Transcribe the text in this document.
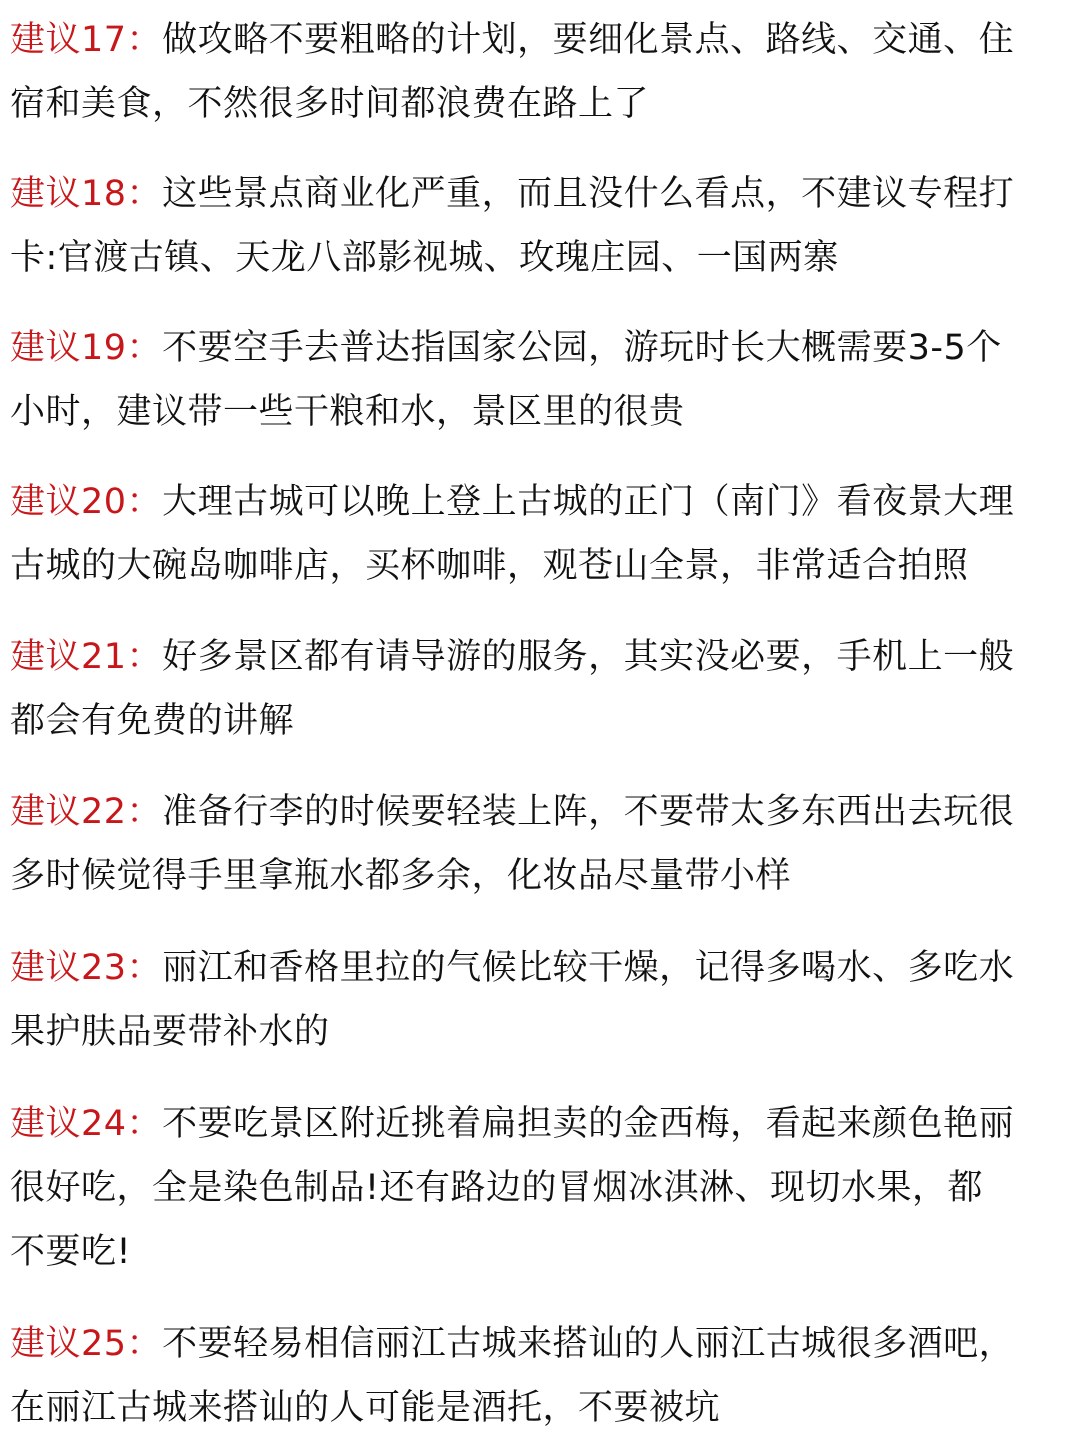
建议17：做攻略不要粗略的计划，要细化景点、路线、交通、住
宿和美食，不然很多时间都浪费在路上了
建议18：这些景点商业化严重，而且没什么看点，不建议专程打
卡:官渡古镇、天龙八部影视城、玫瑰庄园、一国两寨
建议19：不要空手去普达指国家公园，游玩时长大概需要3-5个
小时，建议带一些干粮和水，景区里的很贵
建议20：大理古城可以晚上登上古城的正门（南门》看夜景大理
古城的大碗岛咖啡店，买杯咖啡，观苍山全景，非常适合拍照
建议21：好多景区都有请导游的服务，其实没必要，手机上一般
都会有免费的讲解
建议22：准备行李的时候要轻装上阵，不要带太多东西出去玩很
多时候觉得手里拿瓶水都多余，化妆品尽量带小样
建议23：丽江和香格里拉的气候比较干燥，记得多喝水、多吃水
果护肤品要带补水的
建议24：不要吃景区附近挑着扁担卖的金西梅，看起来颜色艳丽
很好吃，全是染色制品!还有路边的冒烟冰淇淋、现切水果，都
不要吃!
建议25：不要轻易相信丽江古城来搭讪的人丽江古城很多酒吧，
在丽江古城来搭讪的人可能是酒托，不要被坑
